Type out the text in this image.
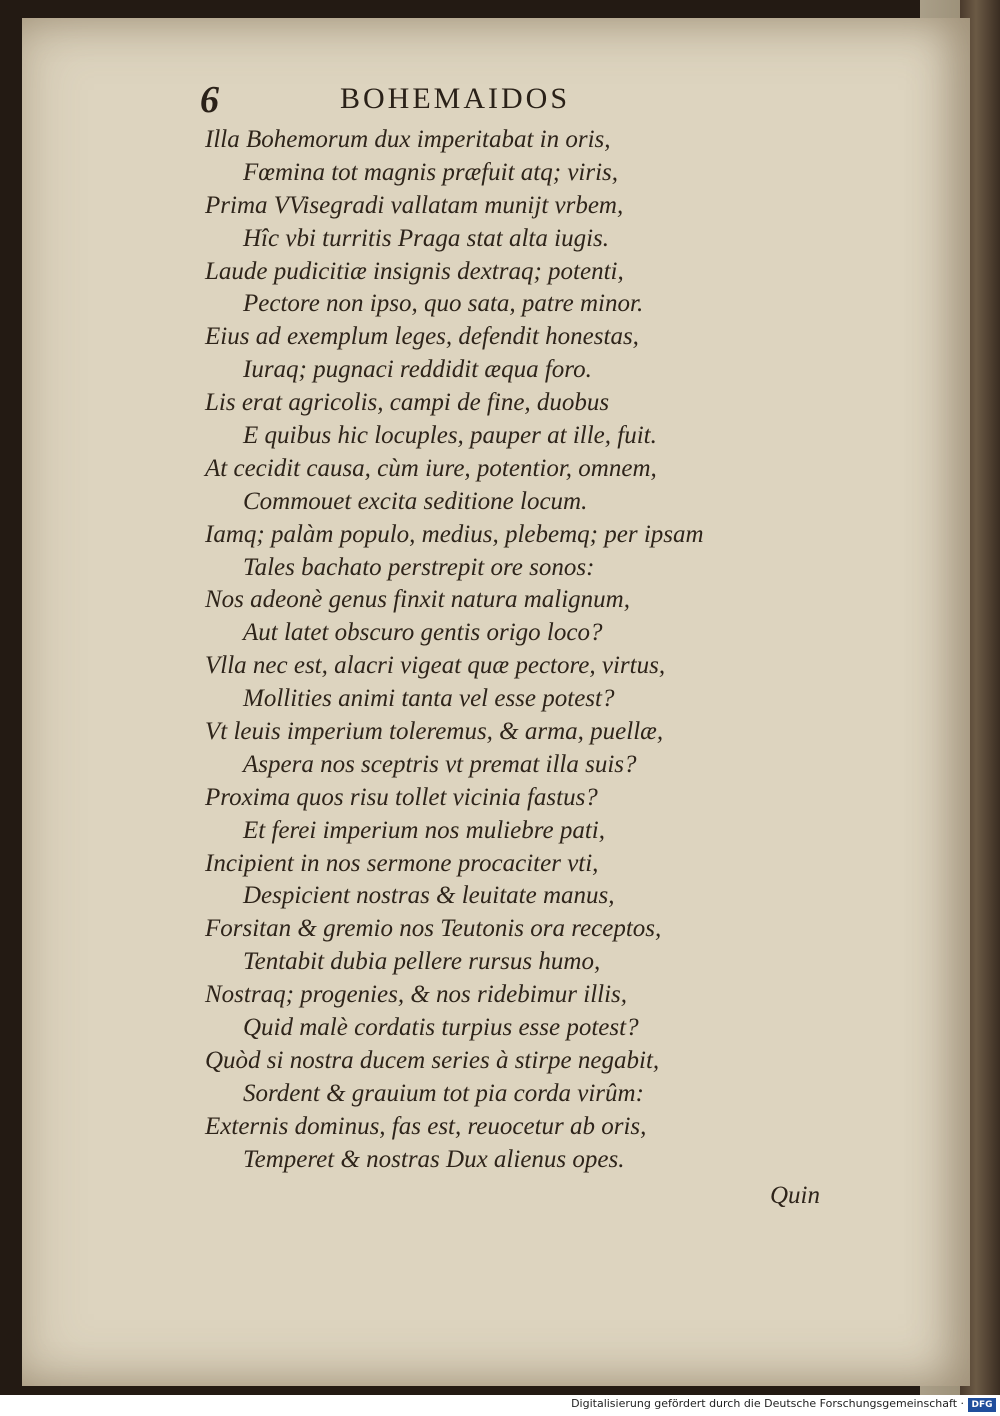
6	BOHEMAIDOS
Illa Bohemorum dux imperitabat in oris,
Fœmina tot magnis præfuit atq; viris,
Prima VVisegradi vallatam munijt vrbem,
Hîc vbi turritis Praga stat alta iugis.
Laude pudicitiæ insignis dextraq; potenti,
Pectore non ipso, quo sata, patre minor.
Eius ad exemplum leges, defendit honestas,
Iuraq; pugnaci reddidit æqua foro.
Lis erat agricolis, campi de fine, duobus
E quibus hic locuples, pauper at ille, fuit.
At cecidit causa, cùm iure, potentior, omnem,
Commouet excita seditione locum.
Iamq; palàm populo, medius, plebemq; per ipsam
Tales bachato perstrepit ore sonos:
Nos adeonè genus finxit natura malignum,
Aut latet obscuro gentis origo loco?
Vlla nec est, alacri vigeat quæ pectore, virtus,
Mollities animi tanta vel esse potest?
Vt leuis imperium toleremus, & arma, puellæ,
Aspera nos sceptris vt premat illa suis?
Proxima quos risu tollet vicinia fastus?
Et ferei imperium nos muliebre pati,
Incipient in nos sermone procaciter vti,
Despicient nostras & leuitate manus,
Forsitan & gremio nos Teutonis ora receptos,
Tentabit dubia pellere rursus humo,
Nostraq; progenies, & nos ridebimur illis,
Quid malè cordatis turpius esse potest?
Quòd si nostra ducem series à stirpe negabit,
Sordent & grauium tot pia corda virûm:
Externis dominus, fas est, reuocetur ab oris,
Temperet & nostras Dux alienus opes.
Quin
Digitalisierung gefördert durch die Deutsche Forschungsgemeinschaft · DFG
